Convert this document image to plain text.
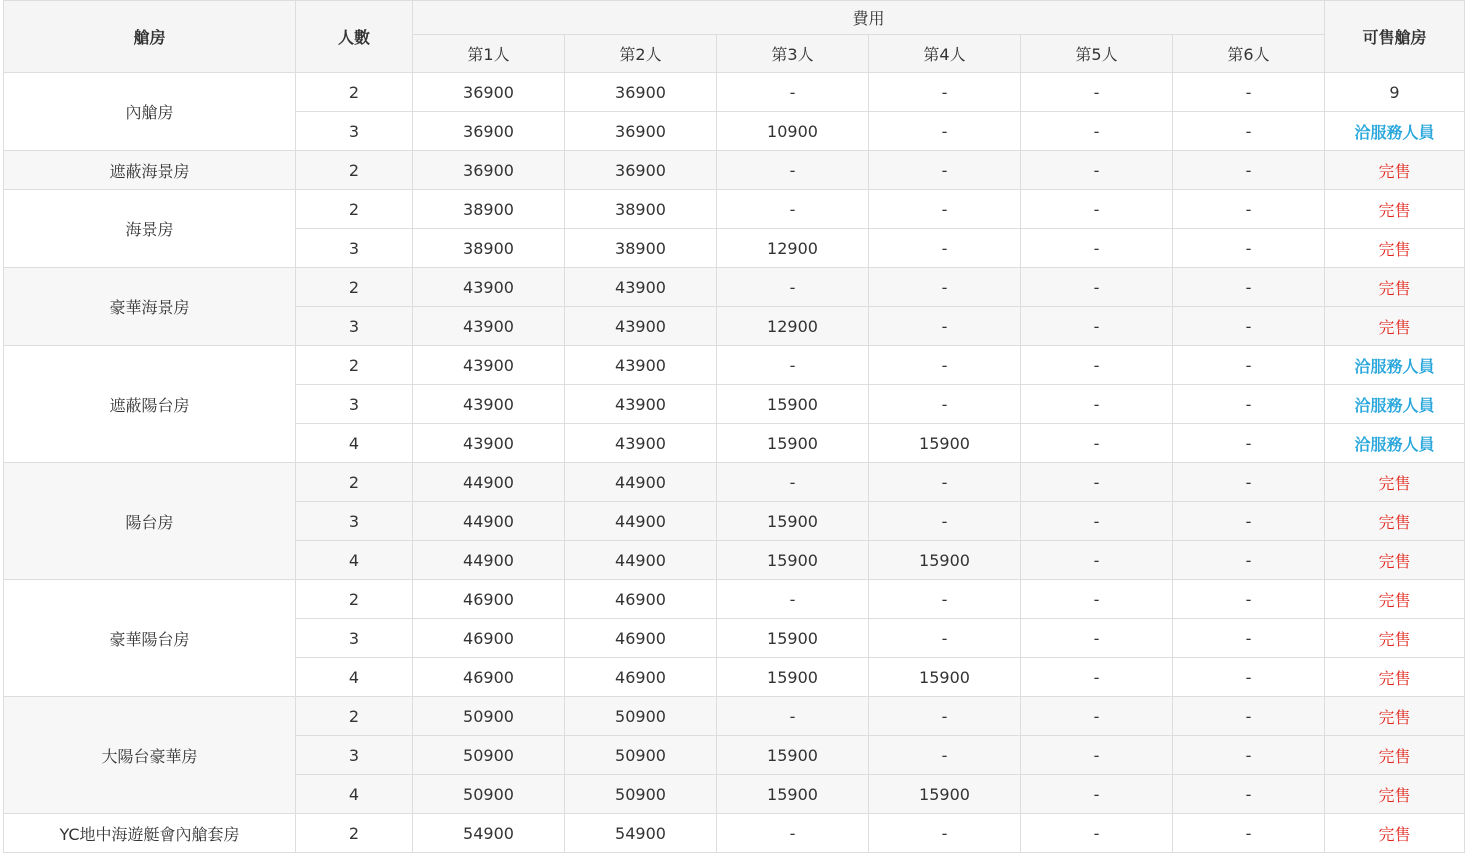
艙房	人數	費用						可售艙房
		第1人	第2人	第3人	第4人	第5人	第6人	
內艙房	2	36900	36900	-	-	-	-	9
	3	36900	36900	10900	-	-	-	洽服務人員
遮蔽海景房	2	36900	36900	-	-	-	-	完售
海景房	2	38900	38900	-	-	-	-	完售
	3	38900	38900	12900	-	-	-	完售
豪華海景房	2	43900	43900	-	-	-	-	完售
	3	43900	43900	12900	-	-	-	完售
遮蔽陽台房	2	43900	43900	-	-	-	-	洽服務人員
	3	43900	43900	15900	-	-	-	洽服務人員
	4	43900	43900	15900	15900	-	-	洽服務人員
陽台房	2	44900	44900	-	-	-	-	完售
	3	44900	44900	15900	-	-	-	完售
	4	44900	44900	15900	15900	-	-	完售
豪華陽台房	2	46900	46900	-	-	-	-	完售
	3	46900	46900	15900	-	-	-	完售
	4	46900	46900	15900	15900	-	-	完售
大陽台豪華房	2	50900	50900	-	-	-	-	完售
	3	50900	50900	15900	-	-	-	完售
	4	50900	50900	15900	15900	-	-	完售
YC地中海遊艇會內艙套房	2	54900	54900	-	-	-	-	完售
